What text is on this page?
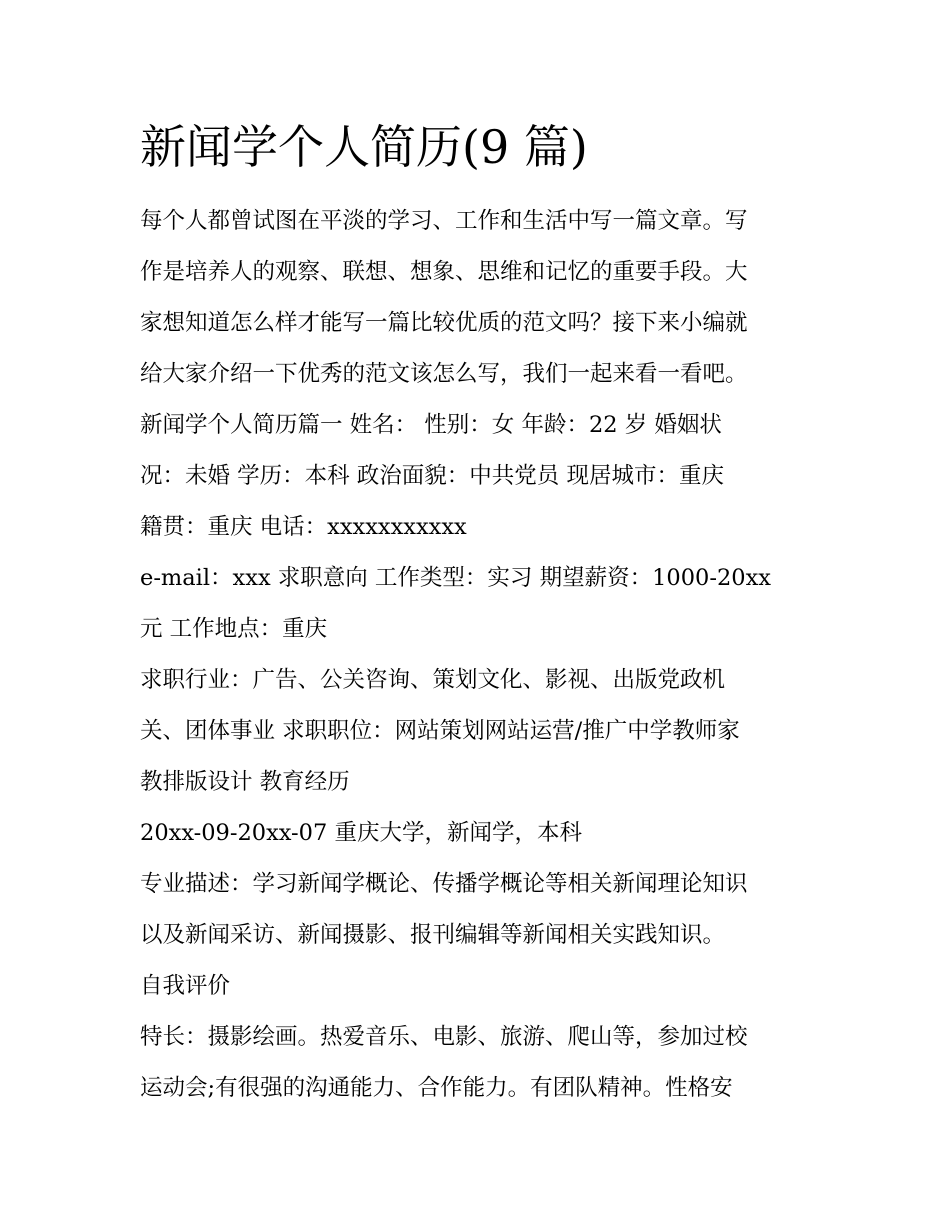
新闻学个人简历(9 篇)
每个人都曾试图在平淡的学习、工作和生活中写一篇文章。写
作是培养人的观察、联想、想象、思维和记忆的重要手段。大
家想知道怎么样才能写一篇比较优质的范文吗？接下来小编就
给大家介绍一下优秀的范文该怎么写，我们一起来看一看吧。
新闻学个人简历篇一 姓名： 性别：女 年龄：22 岁 婚姻状
况：未婚 学历：本科 政治面貌：中共党员 现居城市：重庆
籍贯：重庆 电话：xxxxxxxxxxx
e-mail：xxx 求职意向 工作类型：实习 期望薪资：1000-20xx
元 工作地点：重庆
求职行业：广告、公关咨询、策划文化、影视、出版党政机
关、团体事业 求职职位：网站策划网站运营/推广中学教师家
教排版设计 教育经历
20xx-09-20xx-07 重庆大学，新闻学，本科
专业描述：学习新闻学概论、传播学概论等相关新闻理论知识
以及新闻采访、新闻摄影、报刊编辑等新闻相关实践知识。
自我评价
特长：摄影绘画。热爱音乐、电影、旅游、爬山等，参加过校
运动会;有很强的沟通能力、合作能力。有团队精神。性格安
